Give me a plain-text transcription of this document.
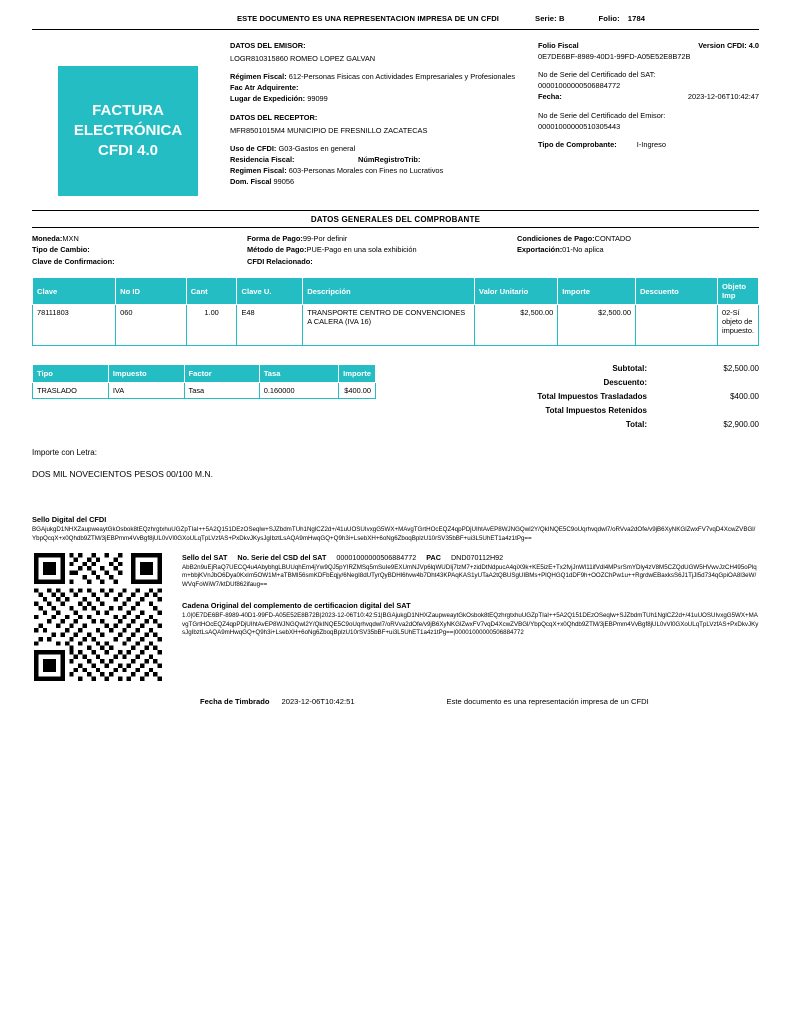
ESTE DOCUMENTO ES UNA REPRESENTACION IMPRESA DE UN CFDI	Serie: B	Folio: 1784
FACTURA
ELECTRÓNICA
CFDI 4.0
DATOS DEL EMISOR:
LOGR810315860 ROMEO LOPEZ GALVAN
Régimen Fiscal: 612-Personas Fisicas con Actividades Empresariales y Profesionales
Fac Atr Adquirente:
Lugar de Expedición: 99099
DATOS DEL RECEPTOR:
MFR8501015M4 MUNICIPIO DE FRESNILLO ZACATECAS
Uso de CFDI: G03-Gastos en general
Residencia Fiscal:	NúmRegistroTrib:
Regimen Fiscal: 603-Personas Morales con Fines no Lucrativos
Dom. Fiscal 99056
Folio Fiscal	Version CFDI: 4.0
0E7DE6BF-8989-40D1-99FD-A05E52E8B72B
No de Serie del Certificado del SAT:
00001000000506884772
Fecha:	2023-12-06T10:42:47
No de Serie del Certificado del Emisor:
00001000000510305443
Tipo de Comprobante:	I-Ingreso
DATOS GENERALES DEL COMPROBANTE
Moneda:MXN
Tipo de Cambio:
Clave de Confirmacion:
Forma de Pago:99-Por definir
Método de Pago:PUE-Pago en una sola exhibición
CFDI Relacionado:
Condiciones de Pago:CONTADO
Exportación:01-No aplica
Clave	No ID	Cant	Clave U.	Descripción	Valor Unitario	Importe	Descuento	Objeto Imp
78111803	060	1.00	E48	TRANSPORTE CENTRO DE CONVENCIONES A CALERA (IVA 16)	$2,500.00	$2,500.00		02-Sí objeto de impuesto.
Tipo	Impuesto	Factor	Tasa	Importe
TRASLADO	IVA	Tasa	0.160000	$400.00
Subtotal:	$2,500.00
Descuento:
Total Impuestos Trasladados	$400.00
Total Impuestos Retenidos
Total:	$2,900.00
Importe con Letra:
DOS MIL NOVECIENTOS PESOS 00/100 M.N.
Sello Digital del CFDI
BGAjukgD1NHXZaupweaytGkOsbok8tEQzhrgtxhuUGZpTIaI++5A2Q151DEzOSeqlw+SJZbdmTUh1NglCZ2d+/41uUOSUIvxgG5WX+MAvgTGrtHOcEQZ4qpPDjUIhtAvEP8WJNGQwl2Y/QkINQE5C9oUqrhvqdwl7/oRVva2dOfe/v9jB6XyNKGlZwxFV7vqD4XcwZVBGl/YbpQcqX+x0Qhdb9ZTM/3jEBPmm4VvBgf8jUL0vVl0GXoULqTpLVzfAS+PxDkvJKysJgIbztLsAQA9mHwqGQ+Q9h3i+LsebXH+6oNg6ZboqBplzU10rSV35bBF+ui3L5UhET1a4z1tPg==
Sello del SAT No. Serie del CSD del SAT 00001000000506884772 PAC DND070112H92
AbB2n9uEjRaQ7UECQ4u4AbybhgLBUUqhEm4jYw9QJ5pYIRZMSq5mSuIe9EXUmNJVp6lqWUDIj7lzM7+zidDtNdpucA4qiX9k+KE5izE+Tx2fvjJnWl11ifVdl4MPsrSmYDly4zV8M5CZQdUGW5HVwvJzCH495oPlqm+bbjKVnJbO6Dya0KxIm5OW1M+aTBMI56smKDFbEqjy/6NegI8dUTyrQyBDHl6hvw4b7Dht43KPAqKAS1yUTaA2tQBUSgUIBMs+PlQHGQ1dDF9h+OOZChPw1u++RgrdwEBaxksS6J1TjJl5d734qGpiOA8l3eW/WVqFoWiW7/ktDUf862ifaug==
Cadena Original del complemento de certificacion digital del SAT
1.0|0E7DE6BF-8989-40D1-99FD-A05E52E8B72B|2023-12-06T10:42:51|BGAjukgD1NHXZaupweaytGkOsbok8tEQzhrgtxhuUGZpTIaI++5A2Q151DEzOSeqlw+SJZbdmTUh1NglCZ2d+/41uUOSUIvxgG5WX+MAvgTGrtHOcEQZ4qpPDjUIhtAvEP8WJNGQwl2Y/QkINQE5C9oUqrhvqdwl7/oRVva2dOfe/v9jB6XyNKGlZwxFV7vqD4XcwZVBGl/YbpQcqX+x0Qhdb9ZTM/3jEBPmm4VvBgf8jUL0vVl0GXoULqTpLVzfAS+PxDkvJKysJgIbztLsAQA9mHwqGQ+Q9h3i+LsebXH+6oNg6ZboqBplzU10rSV35bBF+ui3L5UhET1a4z1tPg==|00001000000506884772
Fecha de Timbrado 2023-12-06T10:42:51	Este documento es una representación impresa de un CFDI
